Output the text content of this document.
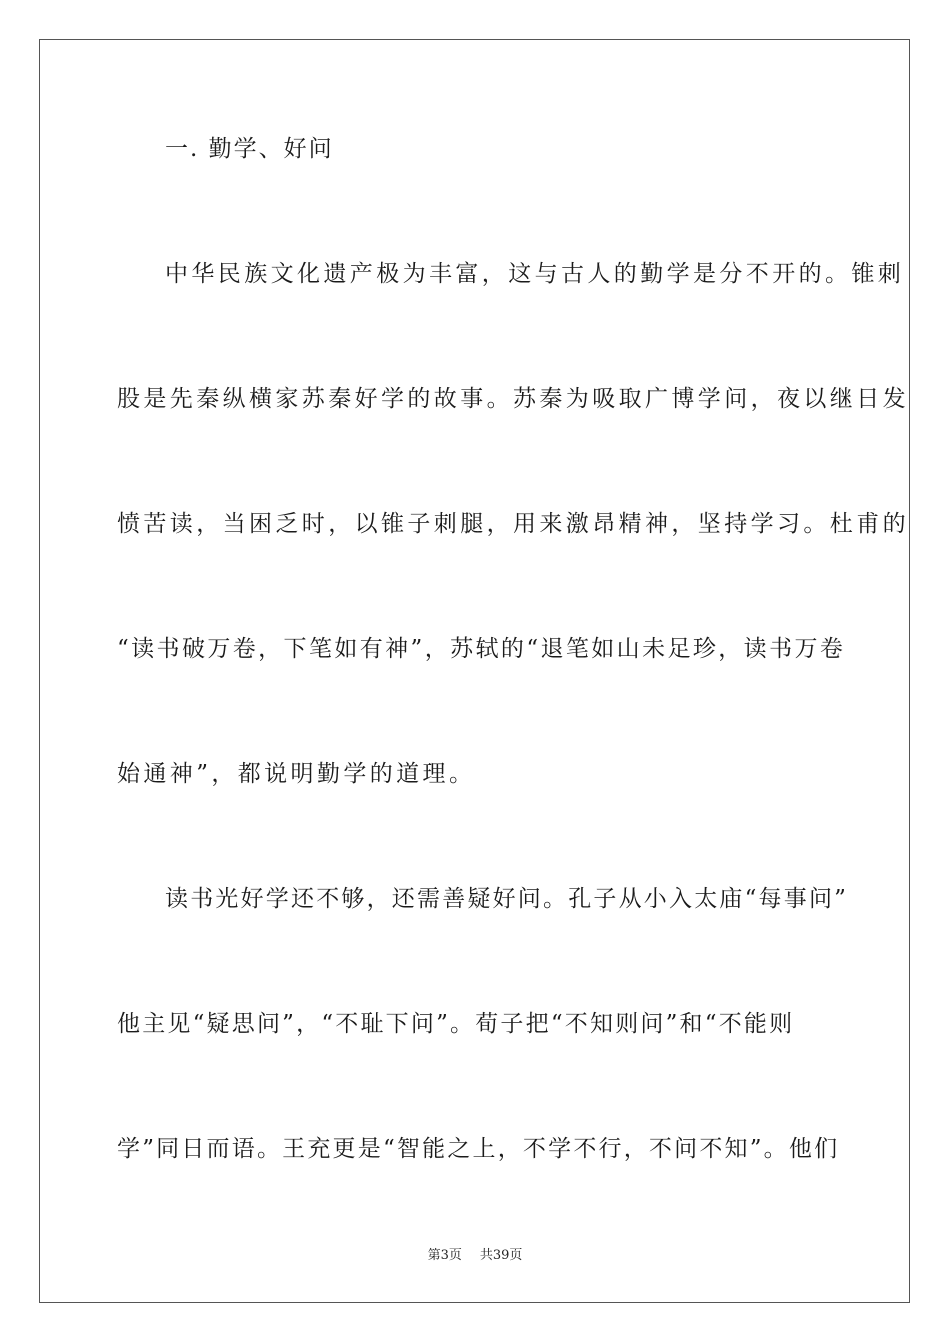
一. 勤学、好问

中华民族文化遗产极为丰富，这与古人的勤学是分不开的。锥刺

股是先秦纵横家苏秦好学的故事。苏秦为吸取广博学问，夜以继日发

愤苦读，当困乏时，以锥子刺腿，用来激昂精神，坚持学习。杜甫的

“读书破万卷，下笔如有神”，苏轼的“退笔如山未足珍，读书万卷

始通神”，都说明勤学的道理。

读书光好学还不够，还需善疑好问。孔子从小入太庙“每事问”

他主见“疑思问”，“不耻下问”。荀子把“不知则问”和“不能则

学”同日而语。王充更是“智能之上，不学不行，不问不知”。他们

第3页 共39页
